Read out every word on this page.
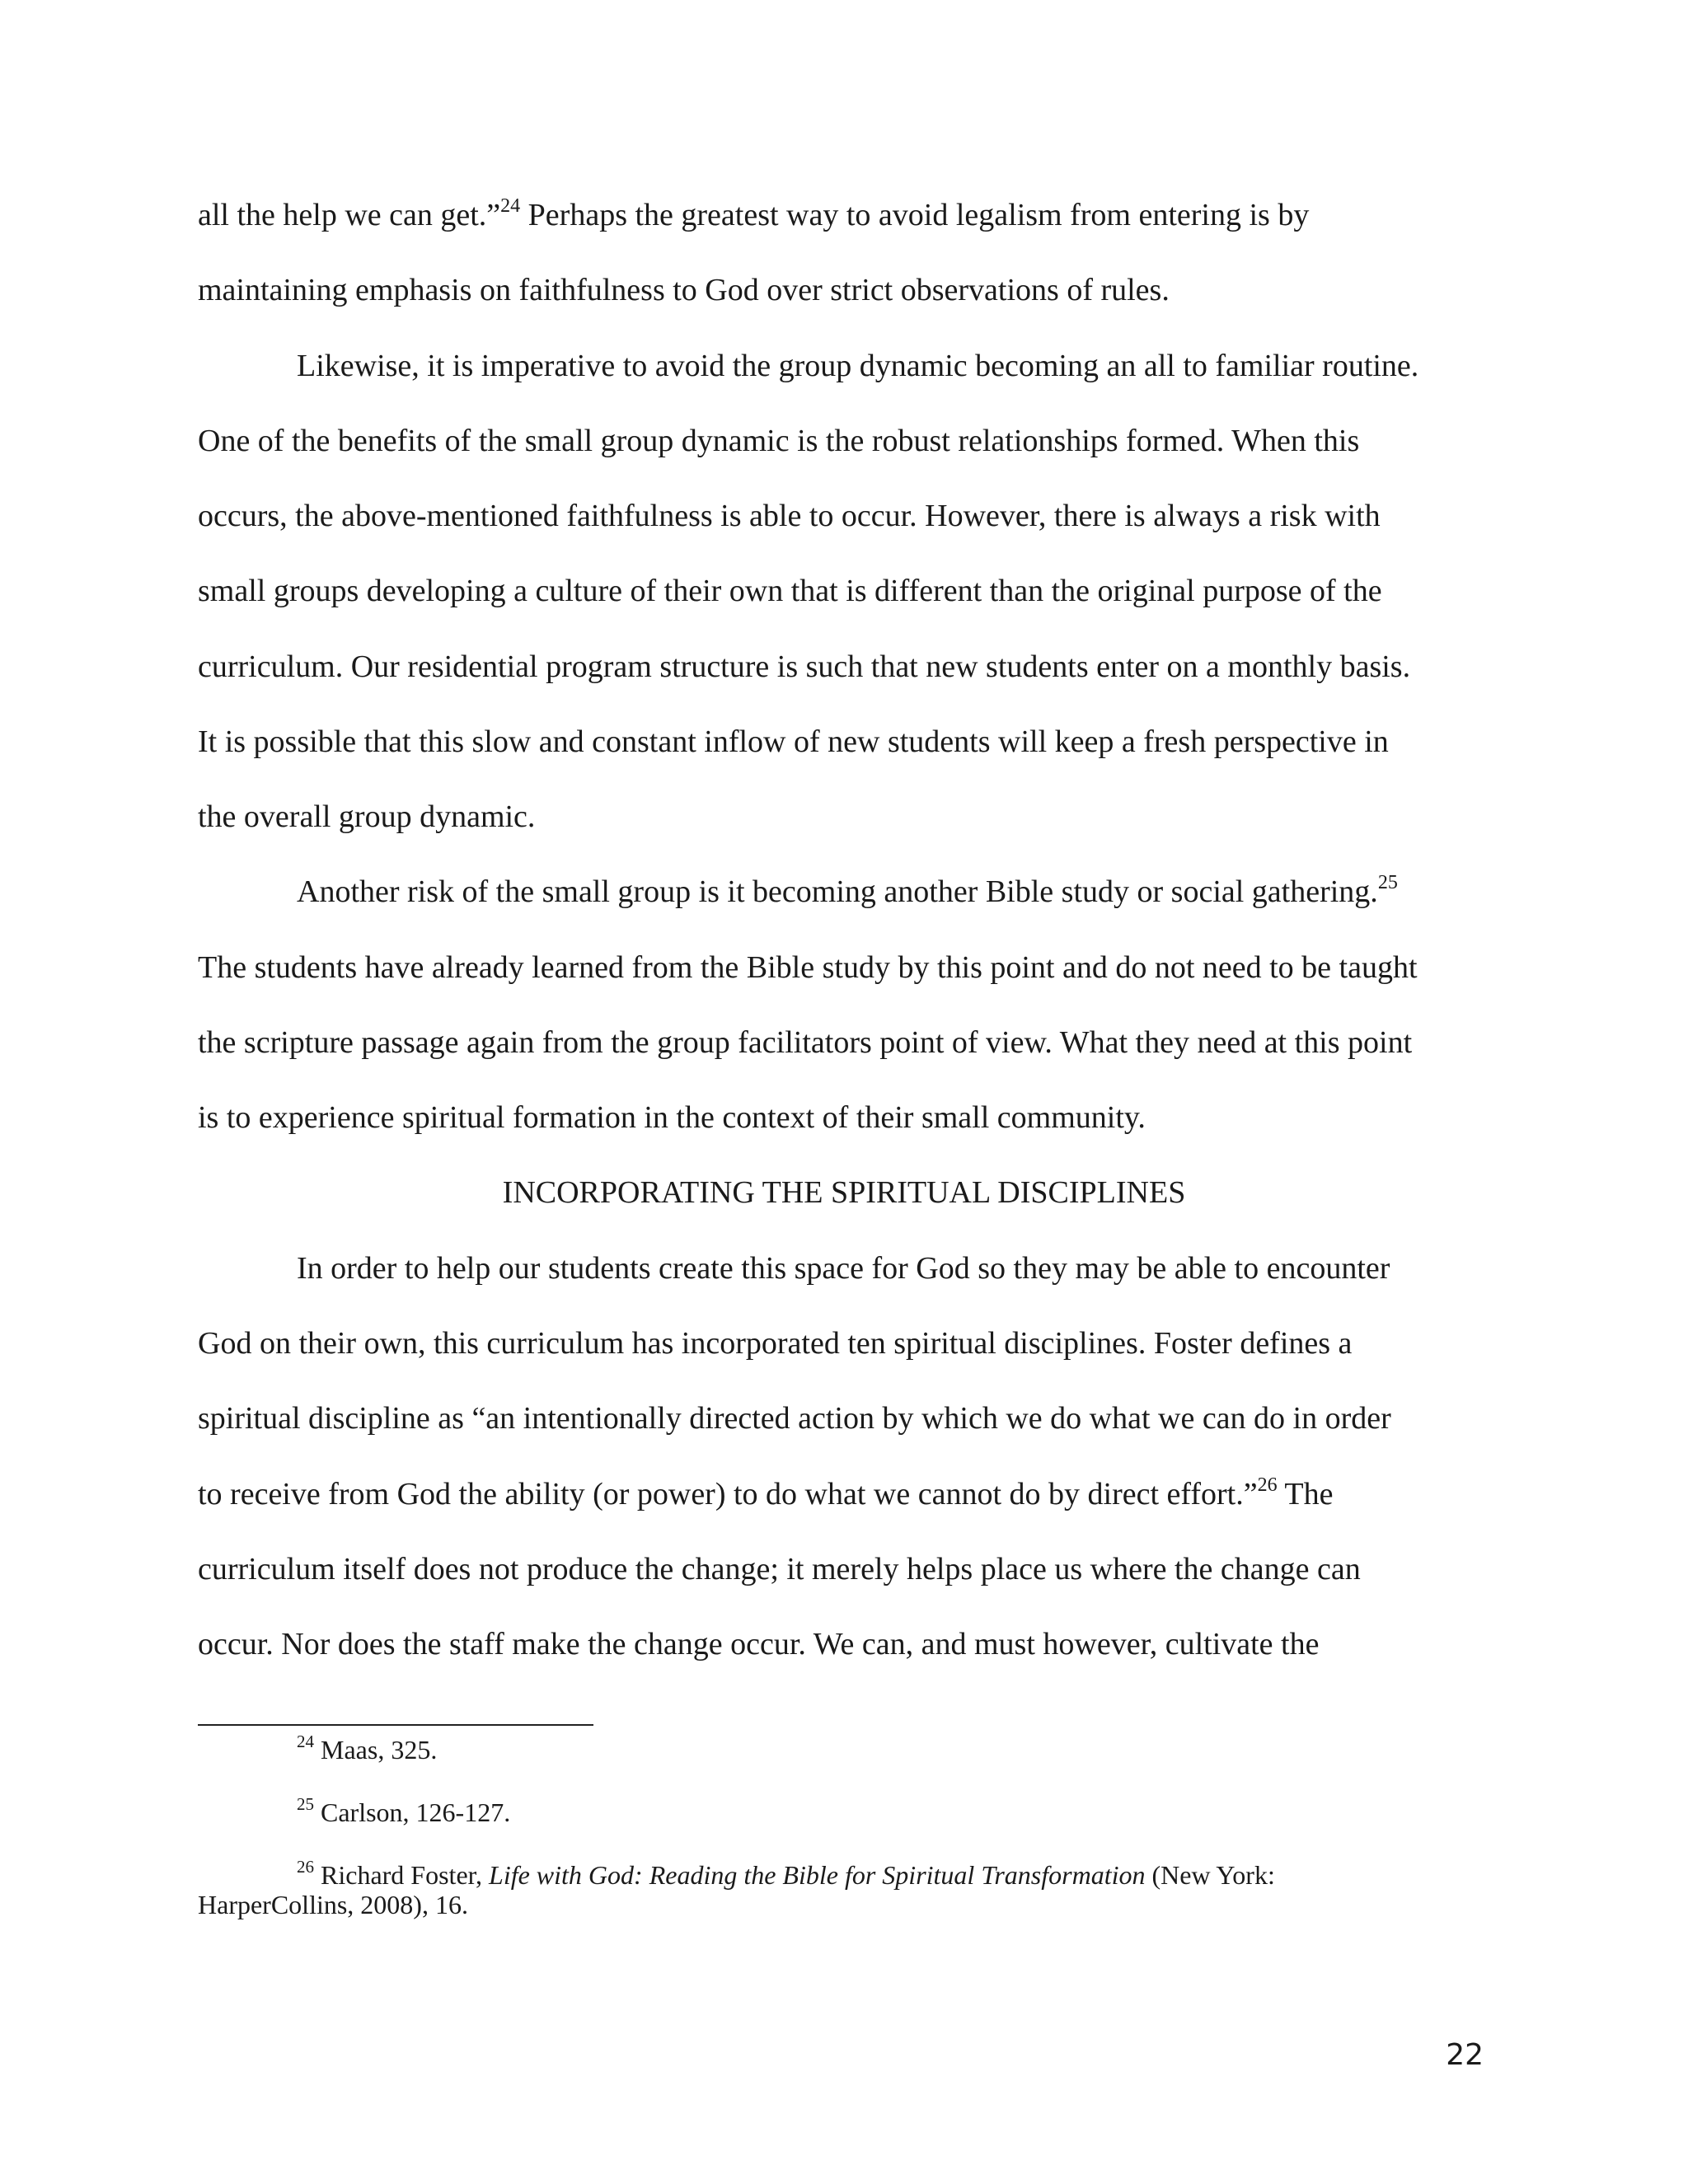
all the help we can get.”$^{24}$ Perhaps the greatest way to avoid legalism from entering is by
maintaining emphasis on faithfulness to God over strict observations of rules.
Likewise, it is imperative to avoid the group dynamic becoming an all to familiar routine.
One of the benefits of the small group dynamic is the robust relationships formed. When this
occurs, the above-mentioned faithfulness is able to occur. However, there is always a risk with
small groups developing a culture of their own that is different than the original purpose of the
curriculum. Our residential program structure is such that new students enter on a monthly basis.
It is possible that this slow and constant inflow of new students will keep a fresh perspective in
the overall group dynamic.
Another risk of the small group is it becoming another Bible study or social gathering.$^{25}$
The students have already learned from the Bible study by this point and do not need to be taught
the scripture passage again from the group facilitators point of view. What they need at this point
is to experience spiritual formation in the context of their small community.
INCORPORATING THE SPIRITUAL DISCIPLINES
In order to help our students create this space for God so they may be able to encounter
God on their own, this curriculum has incorporated ten spiritual disciplines. Foster defines a
spiritual discipline as “an intentionally directed action by which we do what we can do in order
to receive from God the ability (or power) to do what we cannot do by direct effort.”$^{26}$ The
curriculum itself does not produce the change; it merely helps place us where the change can
occur. Nor does the staff make the change occur. We can, and must however, cultivate the
$^{24}$ Maas, 325.
$^{25}$ Carlson, 126-127.
$^{26}$ Richard Foster, Life with God: Reading the Bible for Spiritual Transformation (New York:
HarperCollins, 2008), 16.
22
